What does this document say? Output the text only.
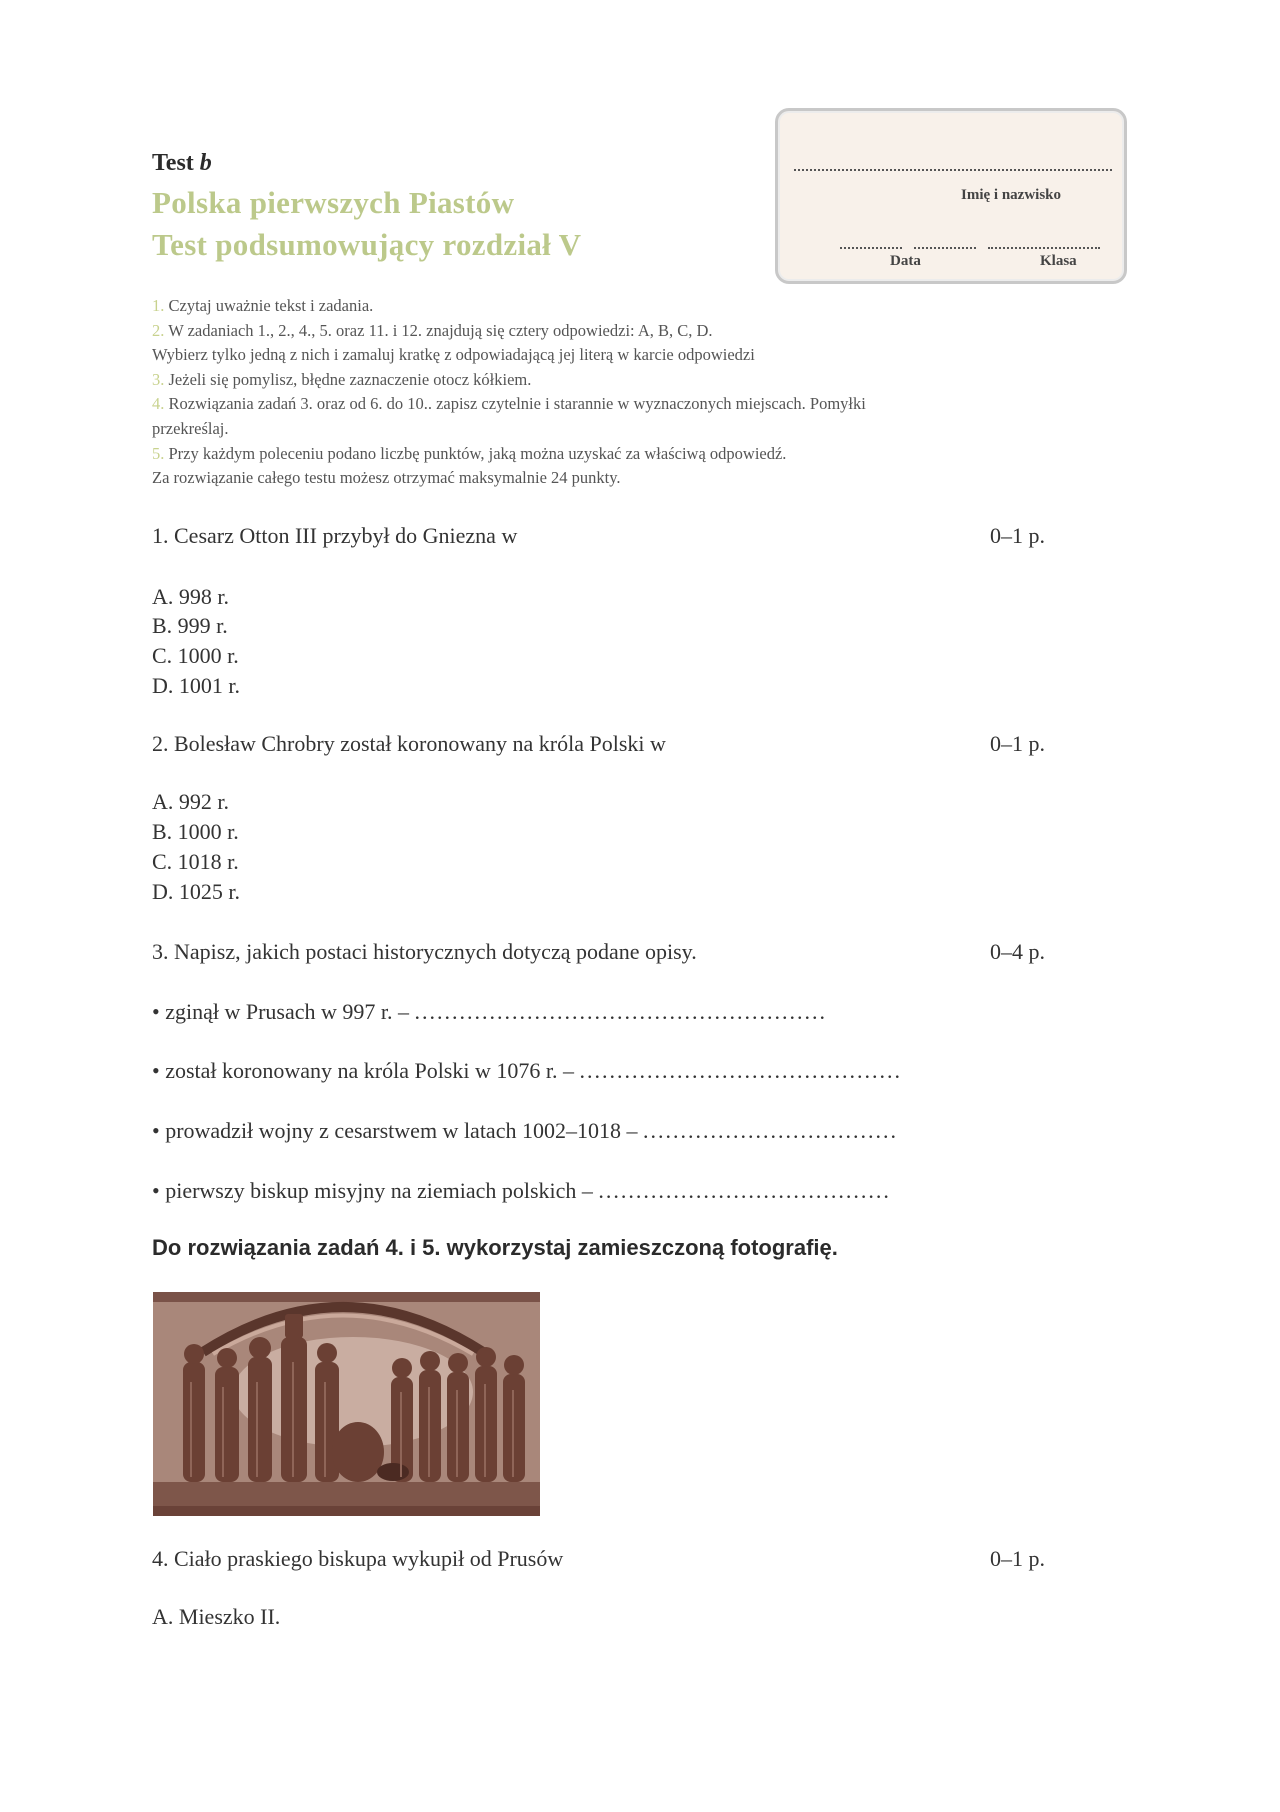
Test b
Polska pierwszych Piastów
Test podsumowujący rozdział V
Imię i nazwisko
Data	Klasa
1. Czytaj uważnie tekst i zadania.
2. W zadaniach 1., 2., 4., 5. oraz 11. i 12. znajdują się cztery odpowiedzi: A, B, C, D.
Wybierz tylko jedną z nich i zamaluj kratkę z odpowiadającą jej literą w karcie odpowiedzi
3. Jeżeli się pomylisz, błędne zaznaczenie otocz kółkiem.
4. Rozwiązania zadań 3. oraz od 6. do 10.. zapisz czytelnie i starannie w wyznaczonych miejscach. Pomyłki
przekreślaj.
5. Przy każdym poleceniu podano liczbę punktów, jaką można uzyskać za właściwą odpowiedź.
Za rozwiązanie całego testu możesz otrzymać maksymalnie 24 punkty.
1. Cesarz Otton III przybył do Gniezna w	0–1 p.
A. 998 r.
B. 999 r.
C. 1000 r.
D. 1001 r.
2. Bolesław Chrobry został koronowany na króla Polski w	0–1 p.
A. 992 r.
B. 1000 r.
C. 1018 r.
D. 1025 r.
3. Napisz, jakich postaci historycznych dotyczą podane opisy.	0–4 p.
• zginął w Prusach w 997 r. – .......................................................
• został koronowany na króla Polski w 1076 r. – ...........................................
• prowadził wojny z cesarstwem w latach 1002–1018 – ..................................
• pierwszy biskup misyjny na ziemiach polskich – .......................................
Do rozwiązania zadań 4. i 5. wykorzystaj zamieszczoną fotografię.
4. Ciało praskiego biskupa wykupił od Prusów	0–1 p.
A. Mieszko II.
